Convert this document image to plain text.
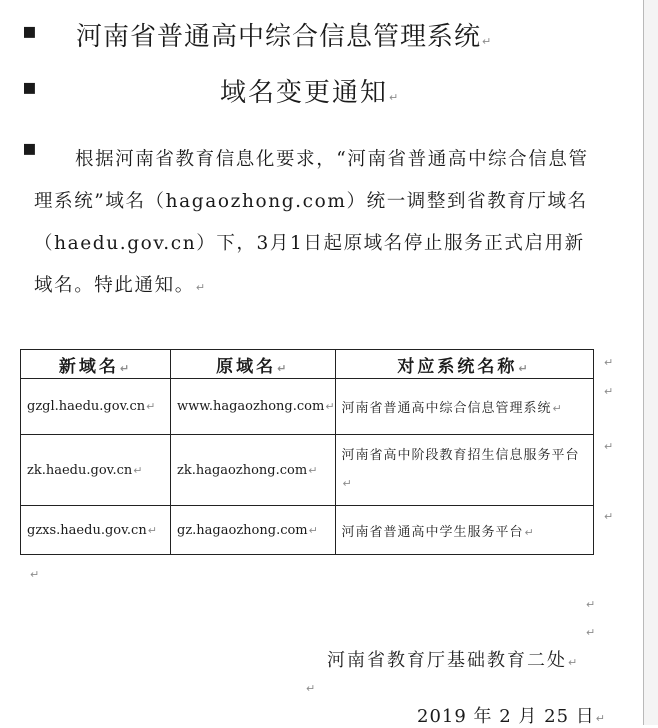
▪
▪
▪
河南省普通高中综合信息管理系统↵
域名变更通知↵
根据河南省教育信息化要求，“河南省普通高中综合信息管理系统”域名（hagaozhong.com）统一调整到省教育厅域名（haedu.gov.cn）下，3月1日起原域名停止服务正式启用新域名。特此通知。↵
新域名↵	原域名↵	对应系统名称↵
gzgl.haedu.gov.cn↵	www.hagaozhong.com↵	河南省普通高中综合信息管理系统↵
zk.haedu.gov.cn↵	zk.hagaozhong.com↵	河南省高中阶段教育招生信息服务平台↵
gzxs.haedu.gov.cn↵	gz.hagaozhong.com↵	河南省普通高中学生服务平台↵
↵
↵
↵
↵
↵
↵
↵
↵
河南省教育厅基础教育二处↵
2019 年 2 月 25 日↵
